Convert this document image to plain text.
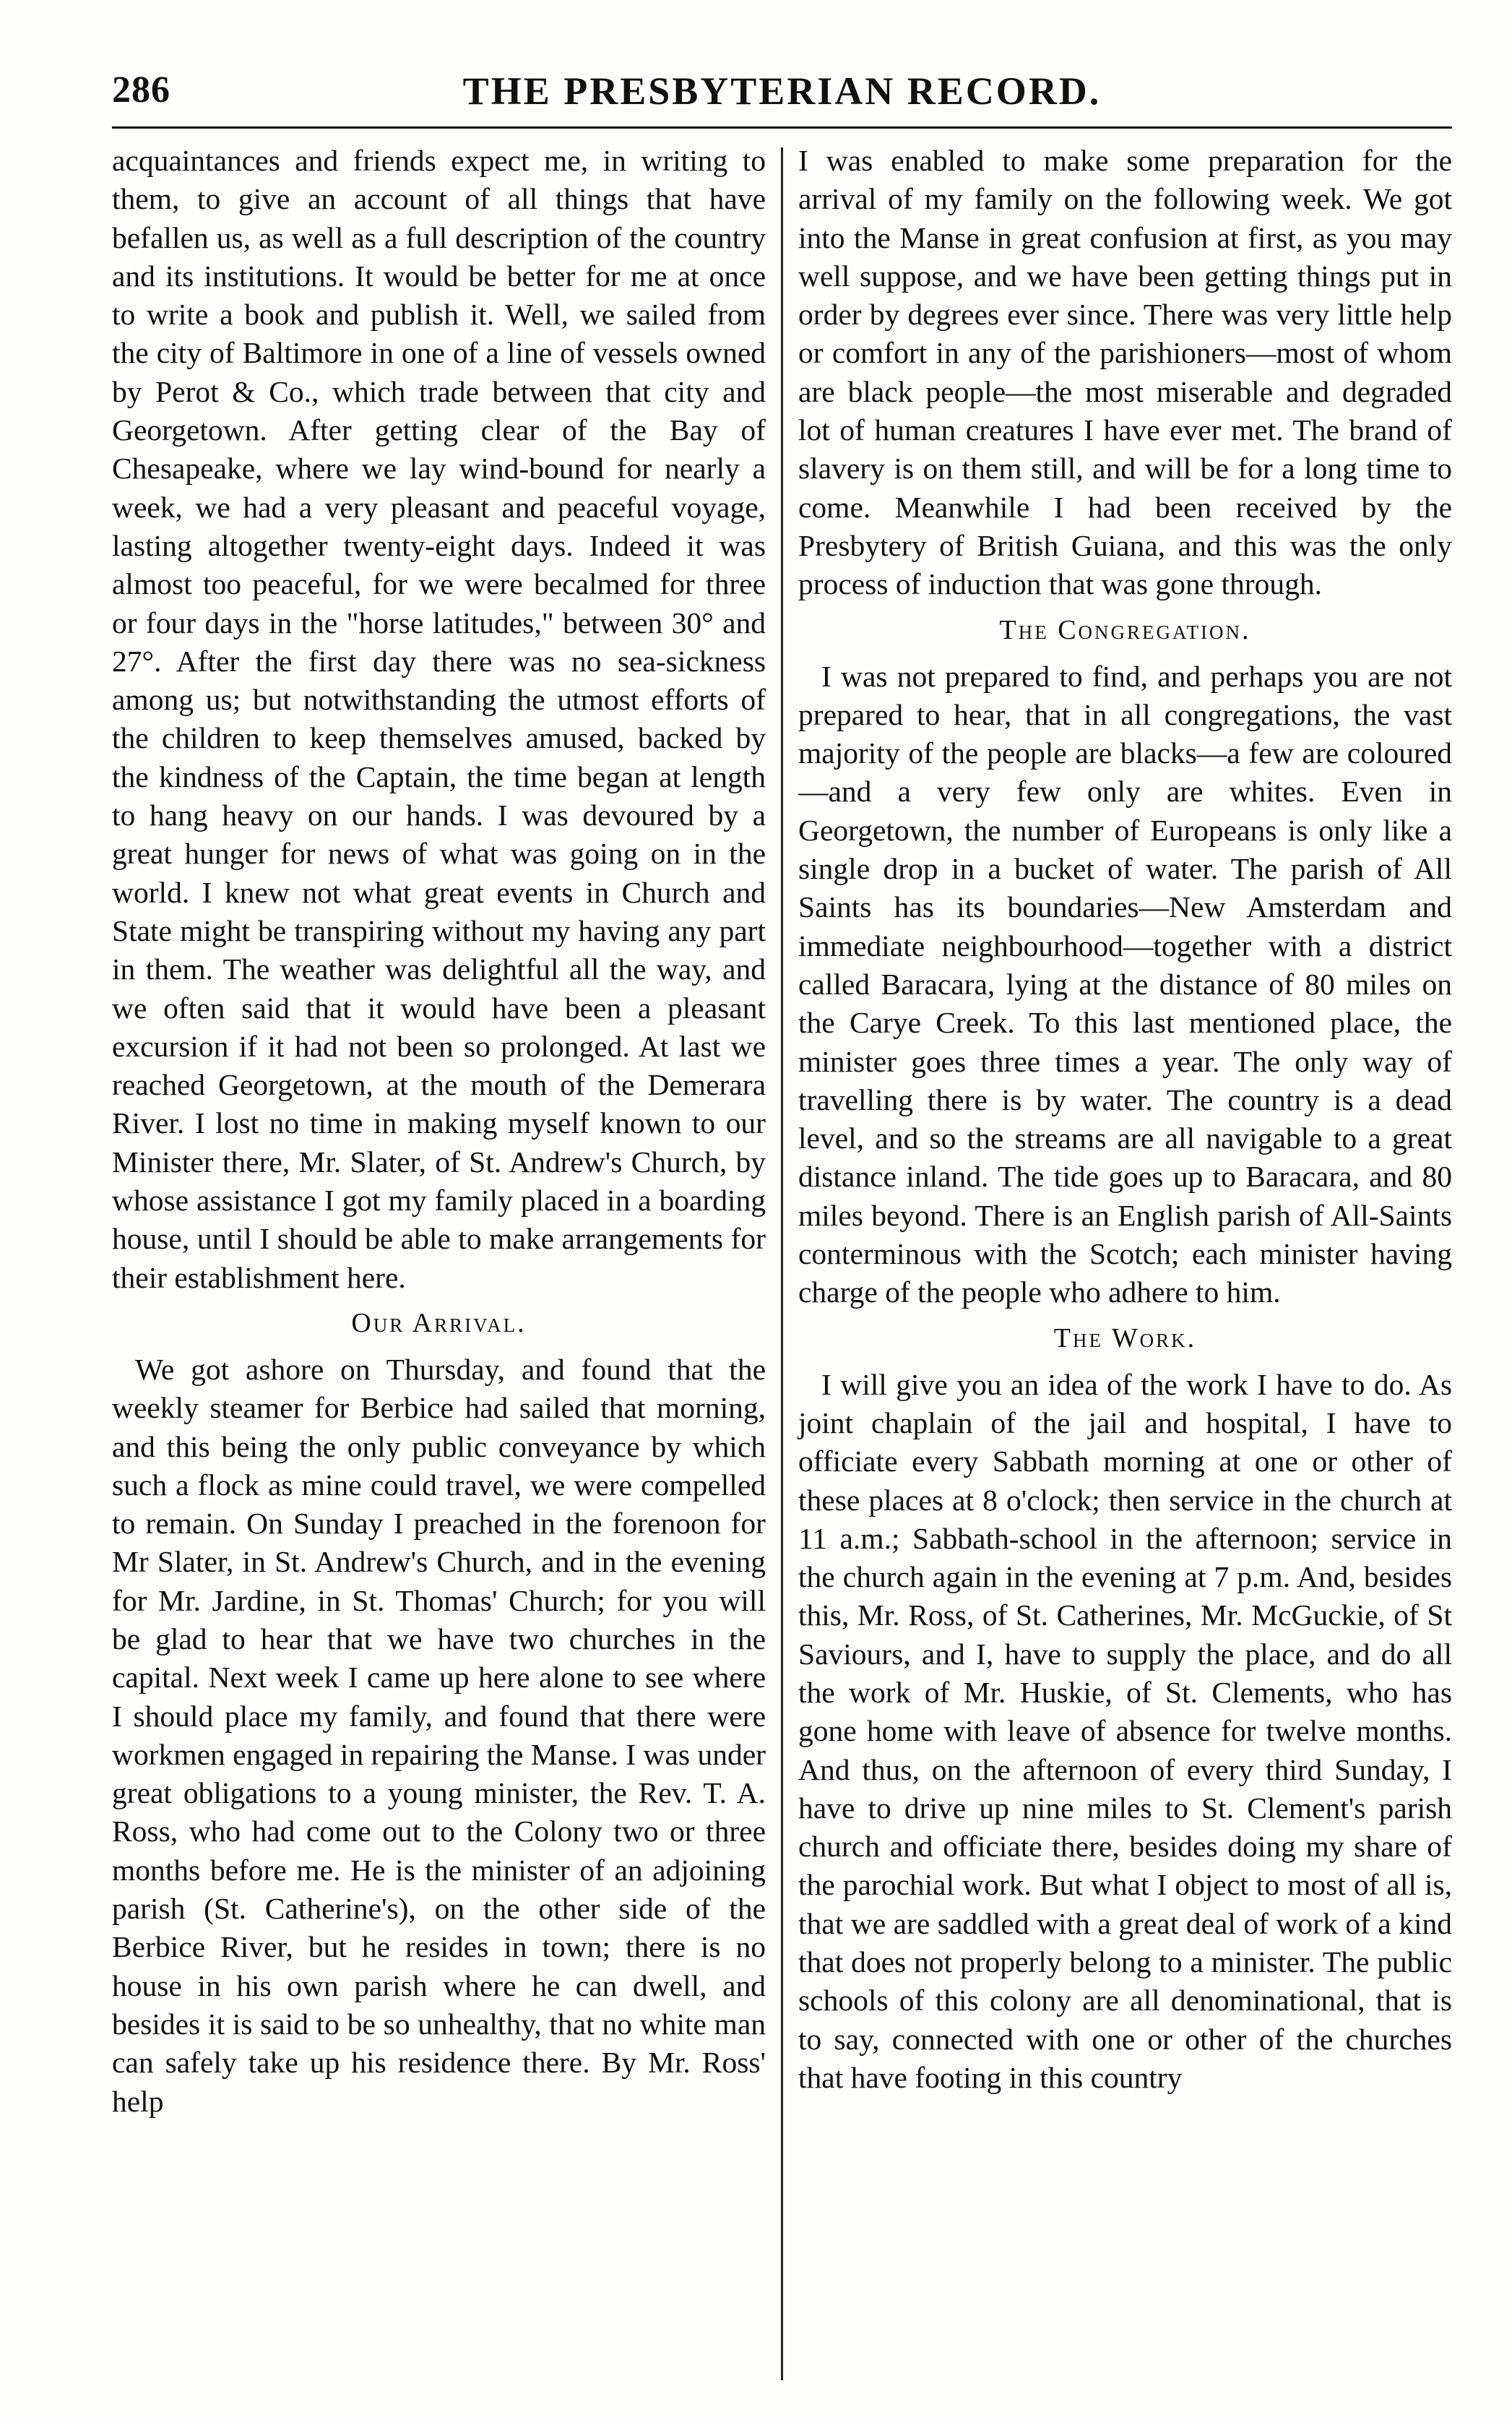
286	THE PRESBYTERIAN RECORD.

acquaintances and friends expect me, in writing to them, to give an account of all things that have befallen us, as well as a full description of the country and its institutions. It would be better for me at once to write a book and publish it. Well, we sailed from the city of Baltimore in one of a line of vessels owned by Perot & Co., which trade between that city and Georgetown. After getting clear of the Bay of Chesapeake, where we lay wind-bound for nearly a week, we had a very pleasant and peaceful voyage, lasting altogether twenty-eight days. Indeed it was almost too peaceful, for we were becalmed for three or four days in the "horse latitudes," between 30° and 27°. After the first day there was no sea-sickness among us; but notwithstanding the utmost efforts of the children to keep themselves amused, backed by the kindness of the Captain, the time began at length to hang heavy on our hands. I was devoured by a great hunger for news of what was going on in the world. I knew not what great events in Church and State might be transpiring without my having any part in them. The weather was delightful all the way, and we often said that it would have been a pleasant excursion if it had not been so prolonged. At last we reached Georgetown, at the mouth of the Demerara River. I lost no time in making myself known to our Minister there, Mr. Slater, of St. Andrew's Church, by whose assistance I got my family placed in a boarding house, until I should be able to make arrangements for their establishment here.

Our Arrival.

We got ashore on Thursday, and found that the weekly steamer for Berbice had sailed that morning, and this being the only public conveyance by which such a flock as mine could travel, we were compelled to remain. On Sunday I preached in the forenoon for Mr Slater, in St. Andrew's Church, and in the evening for Mr. Jardine, in St. Thomas' Church; for you will be glad to hear that we have two churches in the capital. Next week I came up here alone to see where I should place my family, and found that there were workmen engaged in repairing the Manse. I was under great obligations to a young minister, the Rev. T. A. Ross, who had come out to the Colony two or three months before me. He is the minister of an adjoining parish (St. Catherine's), on the other side of the Berbice River, but he resides in town; there is no house in his own parish where he can dwell, and besides it is said to be so unhealthy, that no white man can safely take up his residence there. By Mr. Ross' help

I was enabled to make some preparation for the arrival of my family on the following week. We got into the Manse in great confusion at first, as you may well suppose, and we have been getting things put in order by degrees ever since. There was very little help or comfort in any of the parishioners—most of whom are black people—the most miserable and degraded lot of human creatures I have ever met. The brand of slavery is on them still, and will be for a long time to come. Meanwhile I had been received by the Presbytery of British Guiana, and this was the only process of induction that was gone through.

The Congregation.

I was not prepared to find, and perhaps you are not prepared to hear, that in all congregations, the vast majority of the people are blacks—a few are coloured—and a very few only are whites. Even in Georgetown, the number of Europeans is only like a single drop in a bucket of water. The parish of All Saints has its boundaries—New Amsterdam and immediate neighbourhood—together with a district called Baracara, lying at the distance of 80 miles on the Carye Creek. To this last mentioned place, the minister goes three times a year. The only way of travelling there is by water. The country is a dead level, and so the streams are all navigable to a great distance inland. The tide goes up to Baracara, and 80 miles beyond. There is an English parish of All-Saints conterminous with the Scotch; each minister having charge of the people who adhere to him.

The Work.

I will give you an idea of the work I have to do. As joint chaplain of the jail and hospital, I have to officiate every Sabbath morning at one or other of these places at 8 o'clock; then service in the church at 11 a.m.; Sabbath-school in the afternoon; service in the church again in the evening at 7 p.m. And, besides this, Mr. Ross, of St. Catherines, Mr. McGuckie, of St Saviours, and I, have to supply the place, and do all the work of Mr. Huskie, of St. Clements, who has gone home with leave of absence for twelve months. And thus, on the afternoon of every third Sunday, I have to drive up nine miles to St. Clement's parish church and officiate there, besides doing my share of the parochial work. But what I object to most of all is, that we are saddled with a great deal of work of a kind that does not properly belong to a minister. The public schools of this colony are all denominational, that is to say, connected with one or other of the churches that have footing in this country
